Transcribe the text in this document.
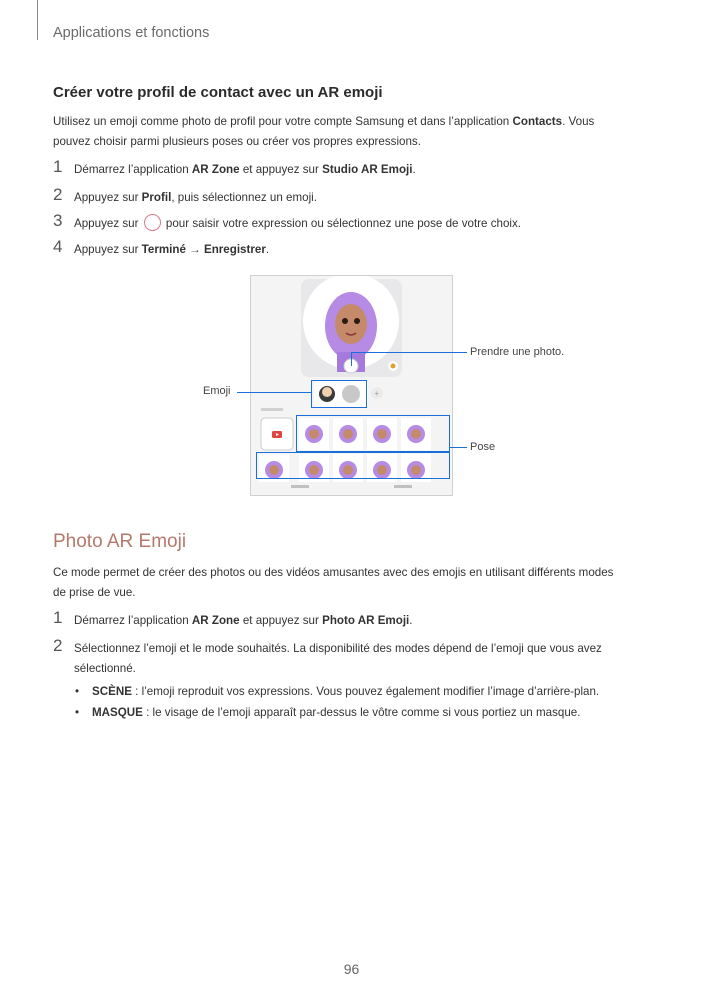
Applications et fonctions
Créer votre profil de contact avec un AR emoji
Utilisez un emoji comme photo de profil pour votre compte Samsung et dans l’application Contacts. Vous
pouvez choisir parmi plusieurs poses ou créer vos propres expressions.
1 Démarrez l’application AR Zone et appuyez sur Studio AR Emoji.
2 Appuyez sur Profil, puis sélectionnez un emoji.
3 Appuyez sur  pour saisir votre expression ou sélectionnez une pose de votre choix.
4 Appuyez sur Terminé → Enregistrer.
+
Prendre une photo.
Emoji
Pose
Photo AR Emoji
Ce mode permet de créer des photos ou des vidéos amusantes avec des emojis en utilisant différents modes
de prise de vue.
1 Démarrez l’application AR Zone et appuyez sur Photo AR Emoji.
2 Sélectionnez l’emoji et le mode souhaités. La disponibilité des modes dépend de l’emoji que vous avez
sélectionné.
• SCÈNE : l’emoji reproduit vos expressions. Vous pouvez également modifier l’image d’arrière-plan.
• MASQUE : le visage de l’emoji apparaît par-dessus le vôtre comme si vous portiez un masque.
96
